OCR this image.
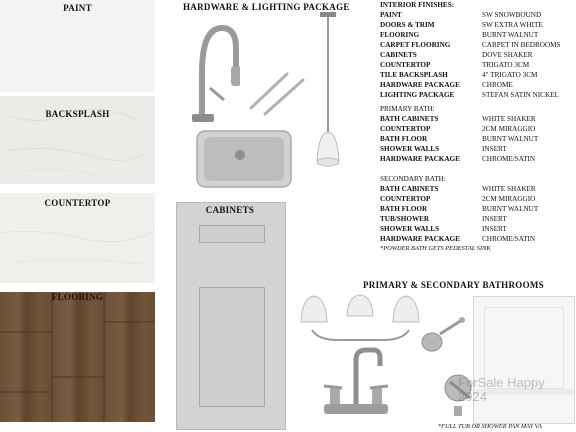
PAINT
BACKSPLASH
COUNTERTOP
FLOORING
HARDWARE & LIGHTING PACKAGE	INTERIOR FINISHES:
PAINT	SW SNOWBOUND
DOORS & TRIM	SW EXTRA WHITE
FLOORING	BURNT WALNUT
CARPET FLOORING	CARPET IN BEDROOMS
CABINETS	DOVE SHAKER
COUNTERTOP	TRIGATO 3CM
TILE BACKSPLASH	4" TRIGATO 3CM
HARDWARE PACKAGE	CHROME
LIGHTING PACKAGE	STEFAN SATIN NICKEL
PRIMARY BATH:
BATH CABINETS	WHITE SHAKER
COUNTERTOP	2CM MIRAGGIO
BATH FLOOR	BURNT WALNUT
SHOWER WALLS	INSERT
HARDWARE PACKAGE	CHROME/SATIN
SECONDARY BATH:
BATH CABINETS	WHITE SHAKER
COUNTERTOP	2CM MIRAGGIO
BATH FLOOR	BURNT WALNUT
TUB/SHOWER	INSERT
SHOWER WALLS	INSERT
HARDWARE PACKAGE	CHROME/SATIN
*POWDER BATH GETS PEDESTAL SINK
CABINETS
PRIMARY & SECONDARY BATHROOMS
ForSale Happy 2024
*FULL TUB OR SHOWER PAN MAY VA
